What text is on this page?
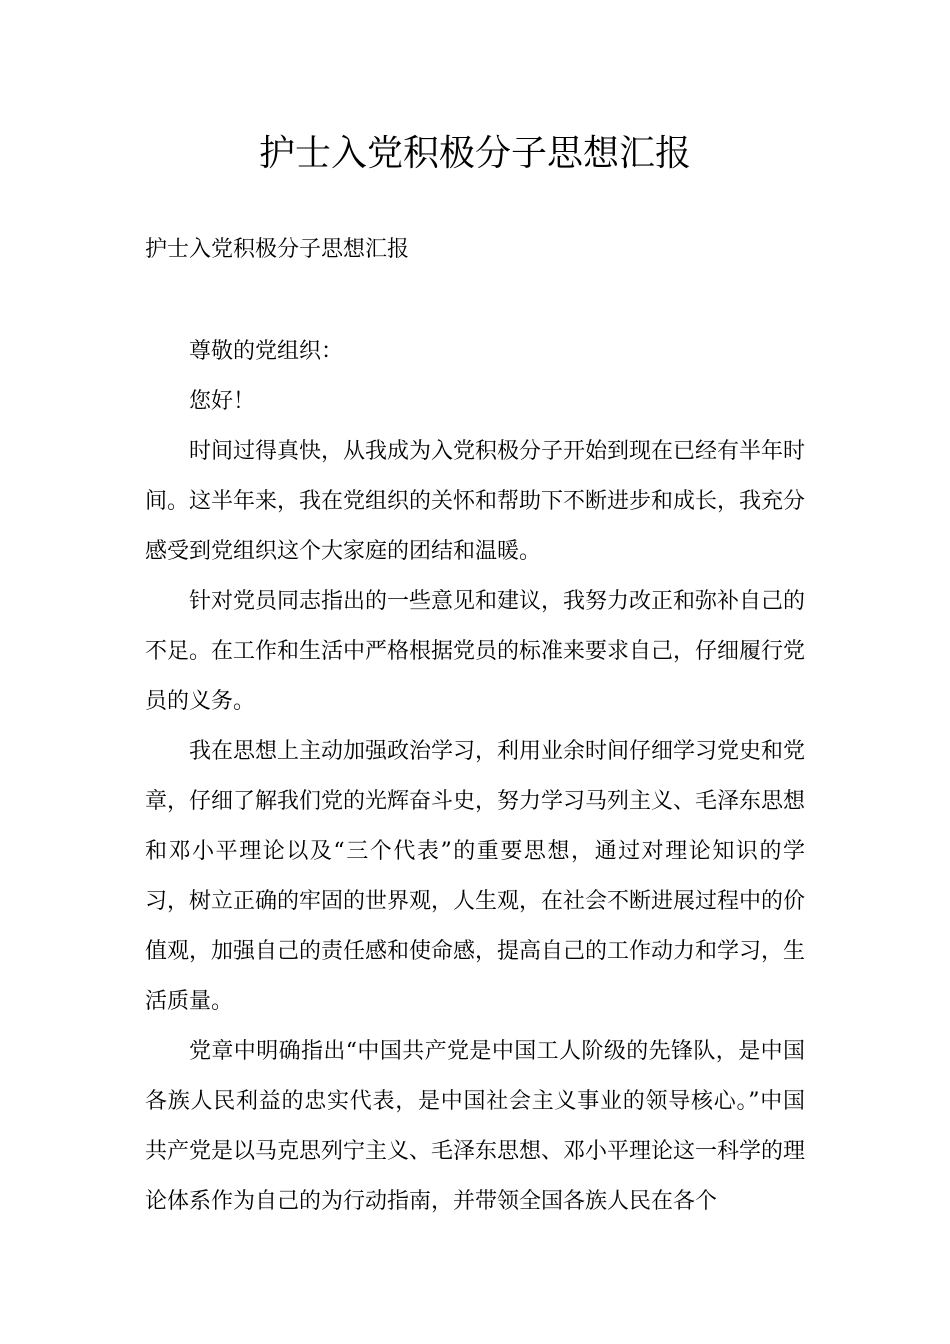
护士入党积极分子思想汇报
护士入党积极分子思想汇报

尊敬的党组织：

您好！

时间过得真快，从我成为入党积极分子开始到现在已经有半年时间。这半年来，我在党组织的关怀和帮助下不断进步和成长，我充分感受到党组织这个大家庭的团结和温暖。

针对党员同志指出的一些意见和建议，我努力改正和弥补自己的不足。在工作和生活中严格根据党员的标准来要求自己，仔细履行党员的义务。

我在思想上主动加强政治学习，利用业余时间仔细学习党史和党章，仔细了解我们党的光辉奋斗史，努力学习马列主义、毛泽东思想和邓小平理论以及“三个代表”的重要思想，通过对理论知识的学习，树立正确的牢固的世界观，人生观，在社会不断进展过程中的价值观，加强自己的责任感和使命感，提高自己的工作动力和学习，生活质量。

党章中明确指出“中国共产党是中国工人阶级的先锋队，是中国各族人民利益的忠实代表，是中国社会主义事业的领导核心。”中国共产党是以马克思列宁主义、毛泽东思想、邓小平理论这一科学的理论体系作为自己的为行动指南，并带领全国各族人民在各个
